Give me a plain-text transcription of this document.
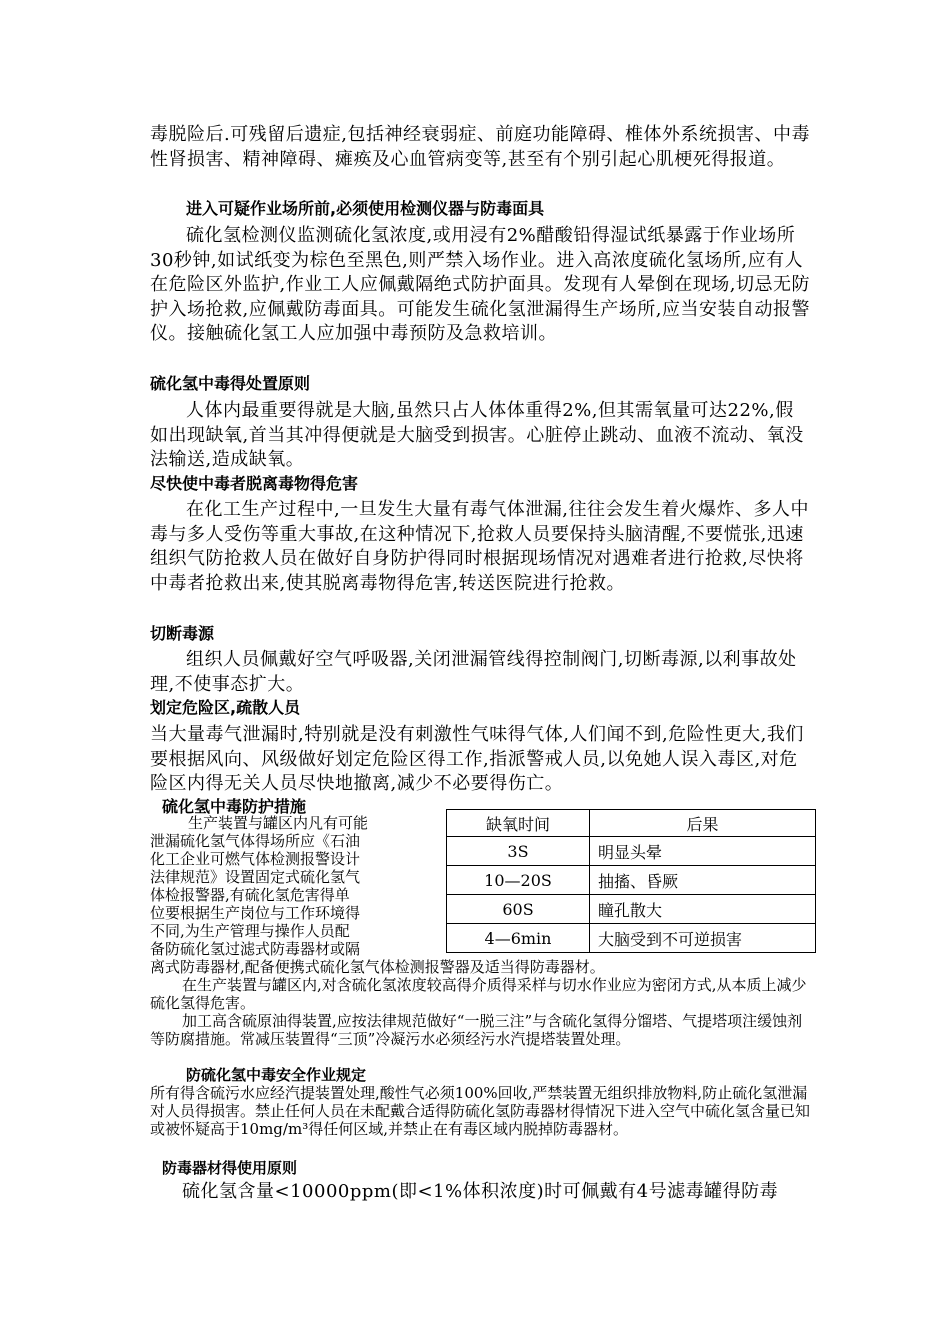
毒脱险后.可残留后遗症,包括神经衰弱症、前庭功能障碍、椎体外系统损害、中毒性肾损害、精神障碍、瘫痪及心血管病变等,甚至有个别引起心肌梗死得报道。

进入可疑作业场所前,必须使用检测仪器与防毒面具

硫化氢检测仪监测硫化氢浓度,或用浸有2%醋酸铅得湿试纸暴露于作业场所30秒钟,如试纸变为棕色至黑色,则严禁入场作业。进入高浓度硫化氢场所,应有人在危险区外监护,作业工人应佩戴隔绝式防护面具。发现有人晕倒在现场,切忌无防护入场抢救,应佩戴防毒面具。可能发生硫化氢泄漏得生产场所,应当安装自动报警仪。接触硫化氢工人应加强中毒预防及急救培训。

硫化氢中毒得处置原则

人体内最重要得就是大脑,虽然只占人体体重得2%,但其需氧量可达22%,假如出现缺氧,首当其冲得便就是大脑受到损害。心脏停止跳动、血液不流动、氧没法输送,造成缺氧。

尽快使中毒者脱离毒物得危害

在化工生产过程中,一旦发生大量有毒气体泄漏,往往会发生着火爆炸、多人中毒与多人受伤等重大事故,在这种情况下,抢救人员要保持头脑清醒,不要慌张,迅速组织气防抢救人员在做好自身防护得同时根据现场情况对遇难者进行抢救,尽快将中毒者抢救出来,使其脱离毒物得危害,转送医院进行抢救。

切断毒源

组织人员佩戴好空气呼吸器,关闭泄漏管线得控制阀门,切断毒源,以利事故处理,不使事态扩大。

划定危险区,疏散人员

当大量毒气泄漏时,特别就是没有刺激性气味得气体,人们闻不到,危险性更大,我们要根据风向、风级做好划定危险区得工作,指派警戒人员,以免她人误入毒区,对危险区内得无关人员尽快地撤离,减少不必要得伤亡。

硫化氢中毒防护措施

生产装置与罐区内凡有可能
泄漏硫化氢气体得场所应《石油
化工企业可燃气体检测报警设计
法律规范》设置固定式硫化氢气
体检报警器,有硫化氢危害得单
位要根据生产岗位与工作环境得
不同,为生产管理与操作人员配
备防硫化氢过滤式防毒器材或隔
缺氧时间	后果
3S	明显头晕
10—20S	抽搐、昏厥
60S	瞳孔散大
4—6min	大脑受到不可逆损害

离式防毒器材,配备便携式硫化氢气体检测报警器及适当得防毒器材。

在生产装置与罐区内,对含硫化氢浓度较高得介质得采样与切水作业应为密闭方式,从本质上减少硫化氢得危害。

加工高含硫原油得装置,应按法律规范做好“一脱三注”与含硫化氢得分馏塔、气提塔项注缓蚀剂等防腐措施。常减压装置得“三顶”冷凝污水必须经污水汽提塔装置处理。

防硫化氢中毒安全作业规定

所有得含硫污水应经汽提装置处理,酸性气必须100%回收,严禁装置无组织排放物料,防止硫化氢泄漏对人员得损害。禁止任何人员在未配戴合适得防硫化氢防毒器材得情况下进入空气中硫化氢含量已知或被怀疑高于10mg/m³得任何区域,并禁止在有毒区域内脱掉防毒器材。

防毒器材得使用原则

硫化氢含量<10000ppm(即<1%体积浓度)时可佩戴有4号滤毒罐得防毒
